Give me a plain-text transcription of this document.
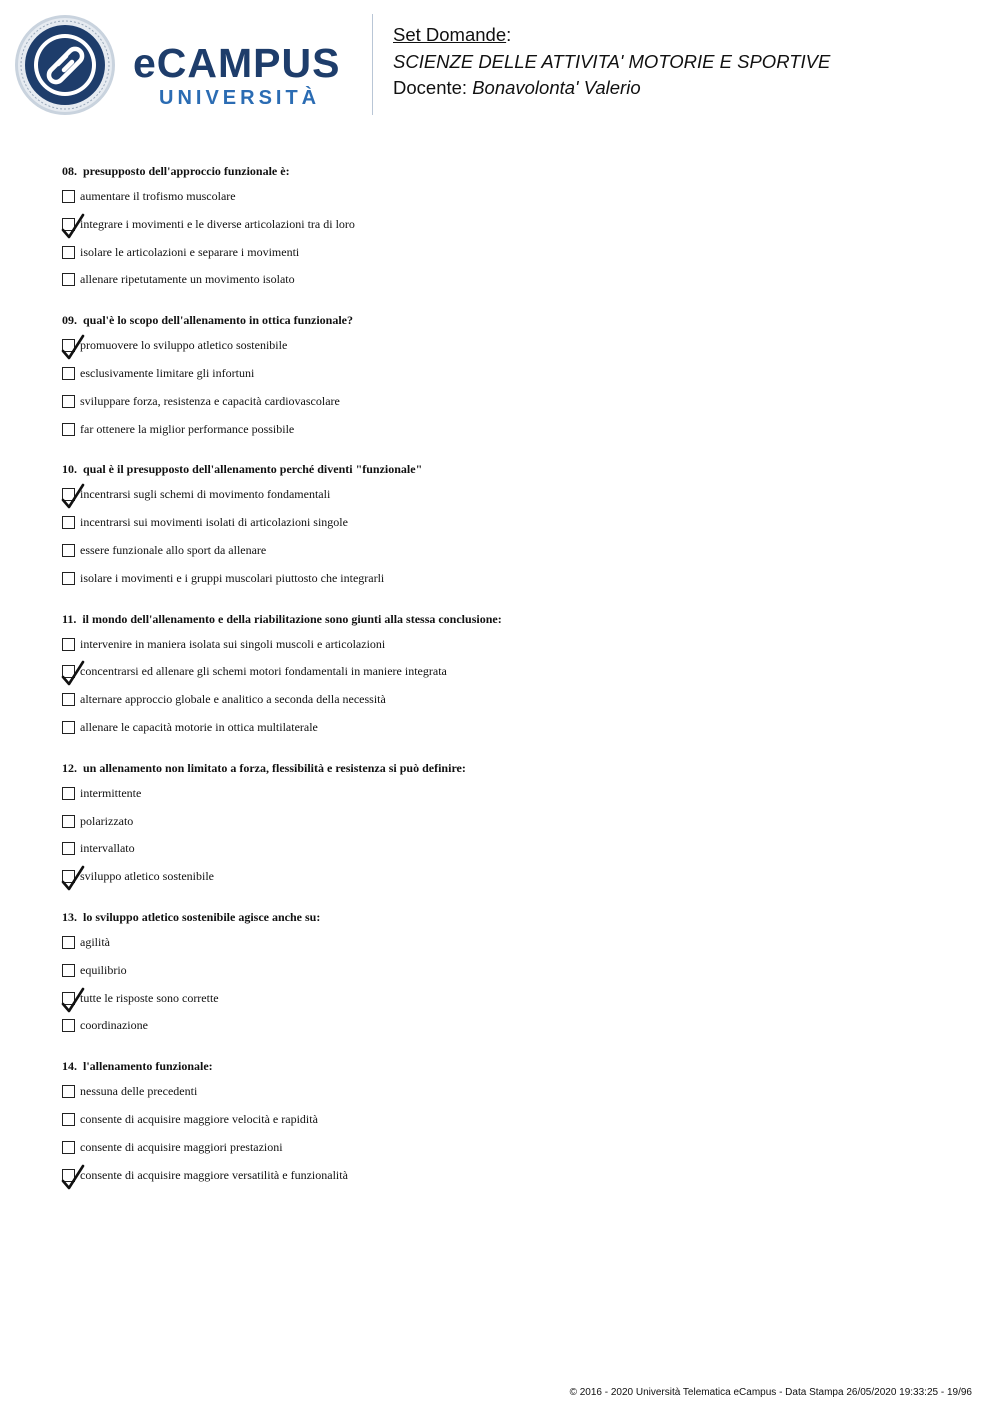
eCAMPUS
UNIVERSITÀ
Set Domande:
SCIENZE DELLE ATTIVITA' MOTORIE E SPORTIVE
Docente: Bonavolonta' Valerio
08. presupposto dell'approccio funzionale è:
aumentare il trofismo muscolare
integrare i movimenti e le diverse articolazioni tra di loro
isolare le articolazioni e separare i movimenti
allenare ripetutamente un movimento isolato
09. qual'è lo scopo dell'allenamento in ottica funzionale?
promuovere lo sviluppo atletico sostenibile
esclusivamente limitare gli infortuni
sviluppare forza, resistenza e capacità cardiovascolare
far ottenere la miglior performance possibile
10. qual è il presupposto dell'allenamento perché diventi "funzionale"
incentrarsi sugli schemi di movimento fondamentali
incentrarsi sui movimenti isolati di articolazioni singole
essere funzionale allo sport da allenare
isolare i movimenti e i gruppi muscolari piuttosto che integrarli
11. il mondo dell'allenamento e della riabilitazione sono giunti alla stessa conclusione:
intervenire in maniera isolata sui singoli muscoli e articolazioni
concentrarsi ed allenare gli schemi motori fondamentali in maniere integrata
alternare approccio globale e analitico a seconda della necessità
allenare le capacità motorie in ottica multilaterale
12. un allenamento non limitato a forza, flessibilità e resistenza si può definire:
intermittente
polarizzato
intervallato
sviluppo atletico sostenibile
13. lo sviluppo atletico sostenibile agisce anche su:
agilità
equilibrio
tutte le risposte sono corrette
coordinazione
14. l'allenamento funzionale:
nessuna delle precedenti
consente di acquisire maggiore velocità e rapidità
consente di acquisire maggiori prestazioni
consente di acquisire maggiore versatilità e funzionalità
© 2016 - 2020 Università Telematica eCampus - Data Stampa 26/05/2020 19:33:25 - 19/96
